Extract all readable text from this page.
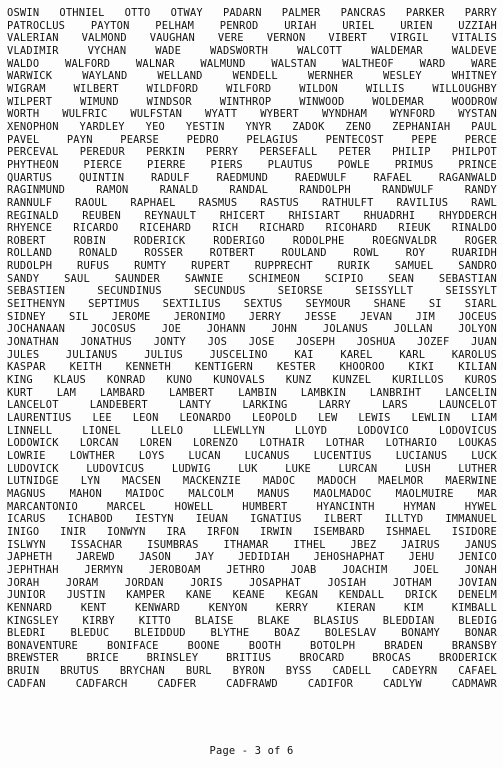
OSWIN OTHNIEL OTTO OTWAY PADARN PALMER PANCRAS PARKER PARRY
PATROCLUS PAYTON PELHAM PENROD URIAH URIEL URIEN UZZIAH
VALERIAN VALMOND VAUGHAN VERE VERNON VIBERT VIRGIL VITALIS
VLADIMIR VYCHAN WADE WADSWORTH WALCOTT WALDEMAR WALDEVE
WALDO WALFORD WALNAR WALMUND WALSTAN WALTHEOF WARD WARE
WARWICK WAYLAND WELLAND WENDELL WERNHER WESLEY WHITNEY
WIGRAM WILBERT WILDFORD WILFORD WILDON WILLIS WILLOUGHBY
WILPERT WIMUND WINDSOR WINTHROP WINWOOD WOLDEMAR WOODROW
WORTH WULFRIC WULFSTAN WYATT WYBERT WYNDHAM WYNFORD WYSTAN
XENOPHON YARDLEY YEO YESTIN YNYR ZADOK ZENO ZEPHANIAH PAUL
PAVEL PAYN PEARSE PEDRO PELAGIUS PENTECOST PEPE PERCE
PERCEVAL PEREDUR PERKIN PERRY PERSEFALL PETER PHILIP PHILPOT
PHYTHEON PIERCE PIERRE PIERS PLAUTUS POWLE PRIMUS PRINCE
QUARTUS QUINTIN RADULF RAEDMUND RAEDWULF RAFAEL RAGANWALD
RAGINMUND RAMON RANALD RANDAL RANDOLPH RANDWULF RANDY
RANNULF RAOUL RAPHAEL RASMUS RASTUS RATHULFT RAVILIUS RAWL
REGINALD REUBEN REYNAULT RHICERT RHISIART RHUADRHI RHYDDERCH
RHYENCE RICARDO RICEHARD RICH RICHARD RICOHARD RIEUK RINALDO
ROBERT ROBIN RODERICK RODERIGO RODOLPHE ROEGNVALDR ROGER
ROLLAND RONALD ROSSER ROTBERT ROULAND ROWL ROY RUARIDH
RUDOLPH RUFUS RUMTY RUPERT RUPPRECHT RURIK SAMUEL SANDRO
SANDY SAUL SAUNDER SAWNIE SCHIMEON SCIPIO SEAN SEBASTIAN
SEBASTIEN SECUNDINUS SECUNDUS SEIORSE SEISSYLLT SEISSYLT
SEITHENYN SEPTIMUS SEXTILIUS SEXTUS SEYMOUR SHANE SI SIARL
SIDNEY SIL JEROME JERONIMO JERRY JESSE JEVAN JIM JOCEUS
JOCHANAAN JOCOSUS JOE JOHANN JOHN JOLANUS JOLLAN JOLYON
JONATHAN JONATHUS JONTY JOS JOSE JOSEPH JOSHUA JOZEF JUAN
JULES JULIANUS JULIUS JUSCELINO KAI KAREL KARL KAROLUS
KASPAR KEITH KENNETH KENTIGERN KESTER KHOOROO KIKI KILIAN
KING KLAUS KONRAD KUNO KUNOVALS KUNZ KUNZEL KURILLOS KUROS
KURT LAM LAMBARD LAMBERT LAMBIN LAMBKIN LANBRIHT LANCELIN
LANCELOT LANDEBERT LANTY LARKING LARRY LARS LAUNCELOT
LAURENTIUS LEE LEON LEONARDO LEOPOLD LEW LEWIS LEWLIN LIAM
LINNELL LIONEL LLELO LLEWLLYN LLOYD LODOVICO LODOVICUS
LODOWICK LORCAN LOREN LORENZO LOTHAIR LOTHAR LOTHARIO LOUKAS
LOWRIE LOWTHER LOYS LUCAN LUCANUS LUCENTIUS LUCIANUS LUCK
LUDOVICK LUDOVICUS LUDWIG LUK LUKE LURCAN LUSH LUTHER
LUTNIDGE LYN MACSEN MACKENZIE MADOC MADOCH MAELMOR MAERWINE
MAGNUS MAHON MAIDOC MALCOLM MANUS MAOLMADOC MAOLMUIRE MAR
MARCANTONIO MARCEL HOWELL HUMBERT HYANCINTH HYMAN HYWEL
ICARUS ICHABOD IESTYN IEUAN IGNATIUS ILBERT ILLTYD IMMANUEL
INIGO INIR IONWYN IRA IRFON IRWIN ISEMBARD ISHMAEL ISIDORE
ISLWYN ISSACHAR ISUMBRAS ITHAMAR ITHEL JBEZ JAIRUS JANUS
JAPHETH JAREWD JASON JAY JEDIDIAH JEHOSHAPHAT JEHU JENICO
JEPHTHAH JERMYN JEROBOAM JETHRO JOAB JOACHIM JOEL JONAH
JORAH JORAM JORDAN JORIS JOSAPHAT JOSIAH JOTHAM JOVIAN
JUNIOR JUSTIN KAMPER KANE KEANE KEGAN KENDALL DRICK DENELM
KENNARD KENT KENWARD KENYON KERRY KIERAN KIM KIMBALL
KINGSLEY KIRBY KITTO BLAISE BLAKE BLASIUS BLEDDIAN BLEDIG
BLEDRI BLEDUC BLEIDDUD BLYTHE BOAZ BOLESLAV BONAMY BONAR
BONAVENTURE BONIFACE BOONE BOOTH BOTOLPH BRADEN BRANSBY
BREWSTER BRICE BRINSLEY BRITIUS BROCARD BROCAS BRODERICK
BRUIN BRUTUS BRYCHAN BURL BYRON BYSS CADELL CADEYRN CAFAEL
CADFAN CADFARCH CADFER CADFRAWD CADIFOR CADLYW CADMAWR
Page - 3 of 6
